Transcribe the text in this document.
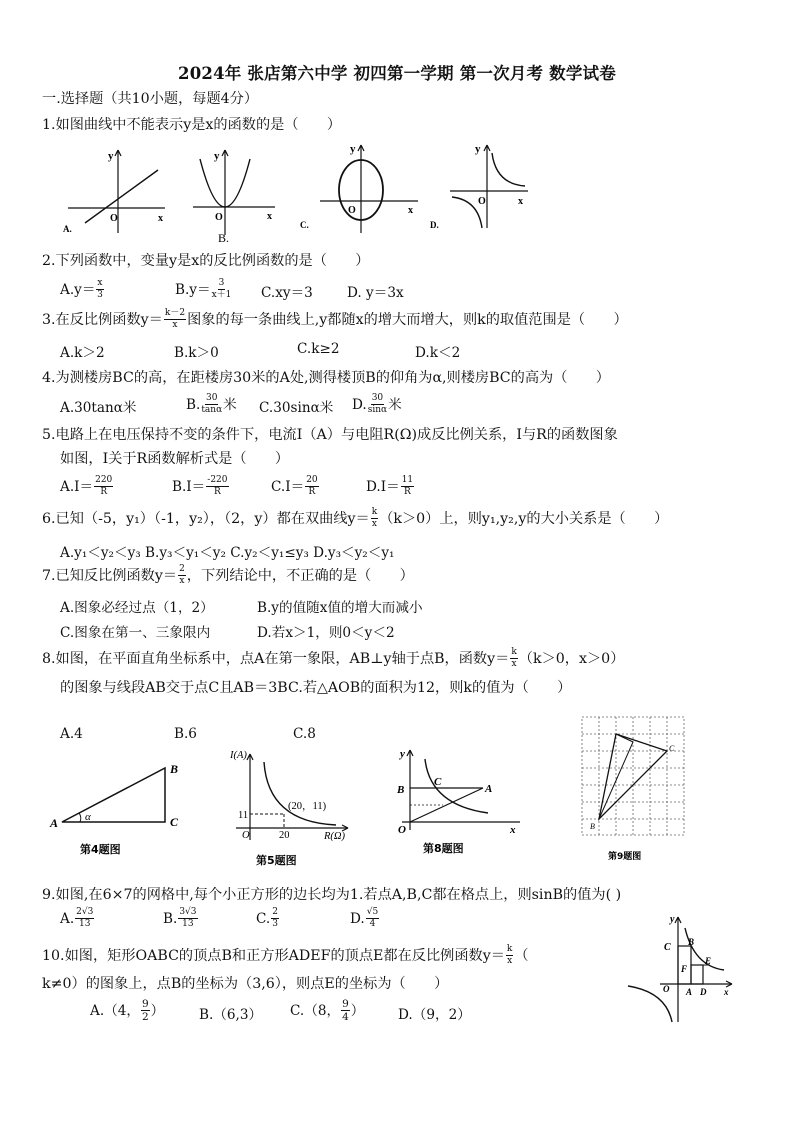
2024年 张店第六中学 初四第一学期 第一次月考 数学试卷
一.选择题（共10小题，每题4分）
1.如图曲线中不能表示y是x的函数的是（　　）
y
O	x
A.
y
O	x
B.
y
O	x
C.
y
O	x
D.
2.下列函数中，变量y是x的反比例函数的是（　　）
$A.y= \frac{x}{3}$	$B.y= \frac{3}{x+1} C.xy=3$	D. y＝3x
3.在反比例函数$y= \frac{k-2}{x}$ 图象的每一条曲线上,y都随x的增大而增大，则k的取值范围是（　　）
A.k＞2	B.k＞0	C.k≥2	D.k＜2
4.为测楼房BC的高，在距楼房30米的A处,测得楼顶B的仰角为α,则楼房BC的高为（　　）
A.30tanα米	B. $\frac{30}{\tan\alpha}$ 米 C.30sinα米 D. $\frac{30}{\sin\alpha}$ 米
5.电路上在电压保持不变的条件下，电流I（A）与电阻R(Ω)成反比例关系，I与R的函数图象
如图，I关于R函数解析式是（　　）
$A.I= \frac{220}{R}$	$B.I= \frac{-220}{R}$	$C.I= \frac{20}{R}$	$D.I= \frac{11}{R}$
6.已知（-5，y₁）（-1，y₂），（2，y）都在双曲线$y= \frac{k}{x} (k>0)$上，则y₁,y₂,y的大小关系是（　　）
A.y₁＜y₂＜y₃ B.y₃＜y₁＜y₂ C.y₂＜y₁≤y₃ D.y₃＜y₂＜y₁
7.已知反比例函数$y= \frac{2}{x}$ ，下列结论中，不正确的是（　　）
A.图象必经过点（1，2）	B.y的值随x值的增大而减小
C.图象在第一、三象限内	D.若x＞1，则0＜y＜2
8.如图，在平面直角坐标系中，点A在第一象限，AB⊥y轴于点B，函数$y= \frac{k}{x} (k>0$，x＞0）
的图象与线段AB交于点C且AB＝3BC.若△AOB的面积为12，则k的值为（　　）
A.4	B.6	C.8
A α
B
C
第4题图
I(A)
R(Ω)
11
20
(20，11)
O
第5题图
y
B
C
A
O	x
第8题图
C
B
第9题图
9.如图,在6×7的网格中,每个小正方形的边长均为1.若点A,B,C都在格点上，则sinB的值为( )
A. $\frac{2√3}{13}$	B. $\frac{3√3}{13}$	C. $\frac{2}{3}$	D. $\frac{√5}{4}$
10.如图，矩形OABC的顶点B和正方形ADEF的顶点E都在反比例函数$y= \frac{k}{x}$ （
k≠0）的图象上，点B的坐标为（3,6），则点E的坐标为（　　）
A.（4， $\frac{9}{2}$ ）	B.（6,3） C.（8， $\frac{9}{4}$ ） D.（9，2）
y
C B
F
E
O A D x
